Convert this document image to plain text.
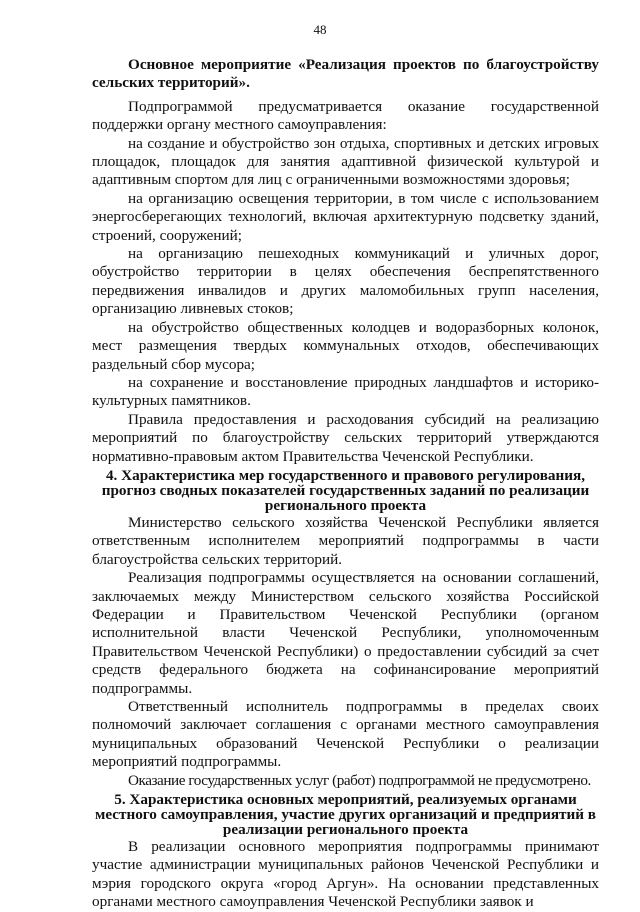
48

Основное мероприятие «Реализация проектов по благоустройству сельских территорий».

Подпрограммой предусматривается оказание государственной поддержки органу местного самоуправления:

на создание и обустройство зон отдыха, спортивных и детских игровых площадок, площадок для занятия адаптивной физической культурой и адаптивным спортом для лиц с ограниченными возможностями здоровья;

на организацию освещения территории, в том числе с использованием энергосберегающих технологий, включая архитектурную подсветку зданий, строений, сооружений;

на организацию пешеходных коммуникаций и уличных дорог, обустройство территории в целях обеспечения беспрепятственного передвижения инвалидов и других маломобильных групп населения, организацию ливневых стоков;

на обустройство общественных колодцев и водоразборных колонок, мест размещения твердых коммунальных отходов, обеспечивающих раздельный сбор мусора;

на сохранение и восстановление природных ландшафтов и историко-культурных памятников.

Правила предоставления и расходования субсидий на реализацию мероприятий по благоустройству сельских территорий утверждаются нормативно-правовым актом Правительства Чеченской Республики.

4. Характеристика мер государственного и правового регулирования, прогноз сводных показателей государственных заданий по реализации регионального проекта

Министерство сельского хозяйства Чеченской Республики является ответственным исполнителем мероприятий подпрограммы в части благоустройства сельских территорий.

Реализация подпрограммы осуществляется на основании соглашений, заключаемых между Министерством сельского хозяйства Российской Федерации и Правительством Чеченской Республики (органом исполнительной власти Чеченской Республики, уполномоченным Правительством Чеченской Республики) о предоставлении субсидий за счет средств федерального бюджета на софинансирование мероприятий подпрограммы.

Ответственный исполнитель подпрограммы в пределах своих полномочий заключает соглашения с органами местного самоуправления муниципальных образований Чеченской Республики о реализации мероприятий подпрограммы.

Оказание государственных услуг (работ) подпрограммой не предусмотрено.

5. Характеристика основных мероприятий, реализуемых органами местного самоуправления, участие других организаций и предприятий в реализации регионального проекта

В реализации основного мероприятия подпрограммы принимают участие администрации муниципальных районов Чеченской Республики и мэрия городского округа «город Аргун». На основании представленных органами местного самоуправления Чеченской Республики заявок и
